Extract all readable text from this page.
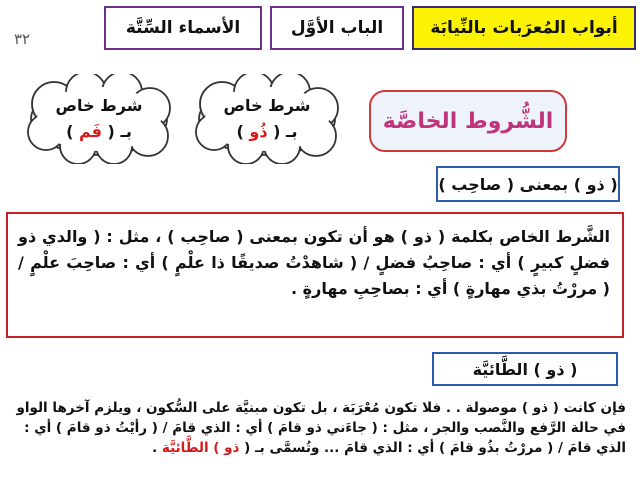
أبواب المُعرَبات بالنِّيابَة
الباب الأوَّل
الأسماء السِّتَّة
٣٢
شرط خاص
بـ ( ذُو )
شرط خاص
بـ ( فَم )	الشُّروط الخاصَّة
( ذو ) بمعنى ( صاحِب )

الشَّرط الخاص بكلمة ( ذو ) هو أن تكون بمعنى ( صاحِب ) ، مثل : ( والدي ذو فضلٍ كبيرٍ ) أي : صاحِبُ فضلٍ / ( شاهدْتُ صديقًا ذا علْمٍ ) أي : صاحِبَ علْمٍ / ( مررْتُ بذي مهارةٍ ) أي : بصاحِبِ مهارةٍ .

( ذو ) الطَّائيَّة

فإن كانت ( ذو ) موصولة . . فلا تكون مُعْرَبَة ، بل تكون مبنيَّة على السُّكون ، ويلزم آخرها الواو في حالة الرَّفع والنَّصب والجر ، مثل : ( جاءَني ذو قامَ ) أي : الذي قامَ / ( رأيْتُ ذو قامَ ) أي : الذي قامَ / ( مررْتُ بذُو قامَ ) أي : الذي قامَ ... وتُسمَّى بـ ( ذو ) الطَّائيَّة .
